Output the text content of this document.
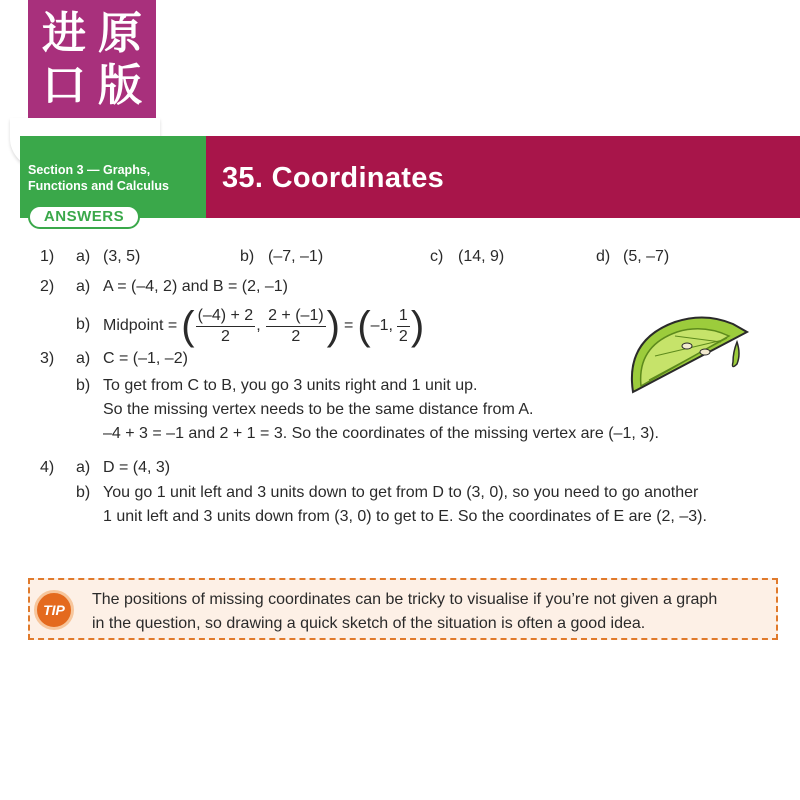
进 原
口 版
Section 3 — Graphs,
Functions and Calculus	35. Coordinates
ANSWERS
1) a) (3, 5)	b) (–7, –1)	c) (14, 9)	d) (5, –7)
2) a) A = (–4, 2) and B = (2, –1)
b) Midpoint = ( $\frac{(-4) + 2}{2}$ , $\frac{2 + (-1)}{2}$ ) = ( –1, $\frac{1}{2}$ )
3) a) C = (–1, –2)
b) To get from C to B, you go 3 units right and 1 unit up.
So the missing vertex needs to be the same distance from A.
–4 + 3 = –1 and 2 + 1 = 3. So the coordinates of the missing vertex are (–1, 3).
4) a) D = (4, 3)
b) You go 1 unit left and 3 units down to get from D to (3, 0), so you need to go another
1 unit left and 3 units down from (3, 0) to get to E. So the coordinates of E are (2, –3).
TIP
The positions of missing coordinates can be tricky to visualise if you’re not given a graph
in the question, so drawing a quick sketch of the situation is often a good idea.
